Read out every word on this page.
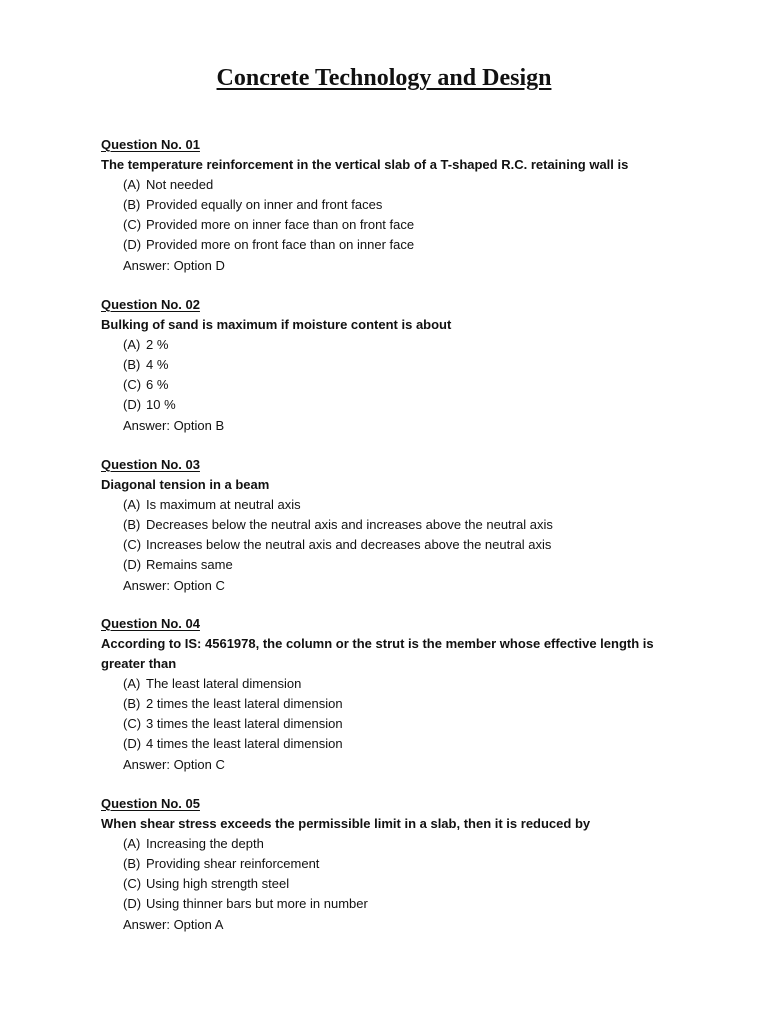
Concrete Technology and Design
Question No. 01
The temperature reinforcement in the vertical slab of a T-shaped R.C. retaining wall is
(A) Not needed
(B) Provided equally on inner and front faces
(C) Provided more on inner face than on front face
(D) Provided more on front face than on inner face
Answer: Option D
Question No. 02
Bulking of sand is maximum if moisture content is about
(A) 2 %
(B) 4 %
(C) 6 %
(D) 10 %
Answer: Option B
Question No. 03
Diagonal tension in a beam
(A) Is maximum at neutral axis
(B) Decreases below the neutral axis and increases above the neutral axis
(C) Increases below the neutral axis and decreases above the neutral axis
(D) Remains same
Answer: Option C
Question No. 04
According to IS: 4561978, the column or the strut is the member whose effective length is greater than
(A) The least lateral dimension
(B) 2 times the least lateral dimension
(C) 3 times the least lateral dimension
(D) 4 times the least lateral dimension
Answer: Option C
Question No. 05
When shear stress exceeds the permissible limit in a slab, then it is reduced by
(A) Increasing the depth
(B) Providing shear reinforcement
(C) Using high strength steel
(D) Using thinner bars but more in number
Answer: Option A
